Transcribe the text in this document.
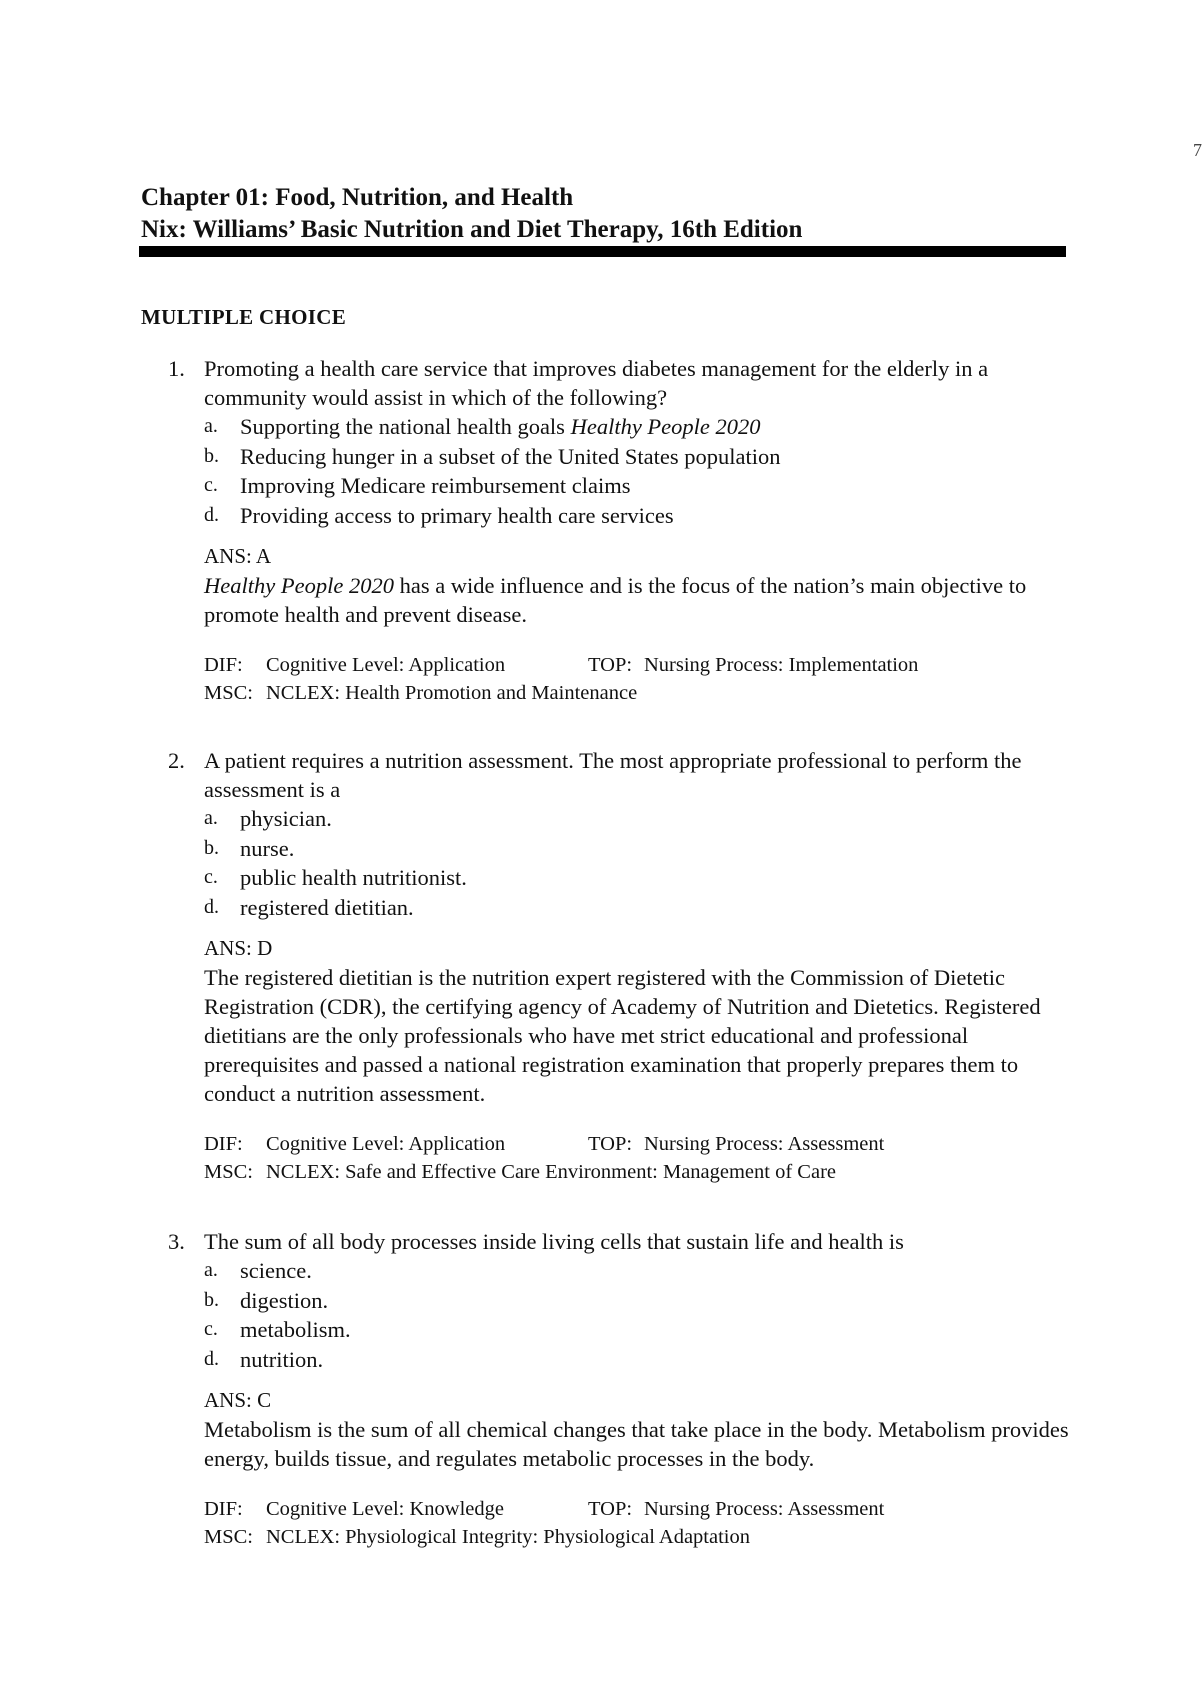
7
Chapter 01: Food, Nutrition, and Health
Nix: Williams’ Basic Nutrition and Diet Therapy, 16th Edition
MULTIPLE CHOICE
1. Promoting a health care service that improves diabetes management for the elderly in a community would assist in which of the following?
a. Supporting the national health goals Healthy People 2020
b. Reducing hunger in a subset of the United States population
c. Improving Medicare reimbursement claims
d. Providing access to primary health care services
ANS: A
Healthy People 2020 has a wide influence and is the focus of the nation’s main objective to promote health and prevent disease.
DIF: Cognitive Level: Application	TOP: Nursing Process: Implementation
MSC: NCLEX: Health Promotion and Maintenance
2. A patient requires a nutrition assessment. The most appropriate professional to perform the assessment is a
a. physician.
b. nurse.
c. public health nutritionist.
d. registered dietitian.
ANS: D
The registered dietitian is the nutrition expert registered with the Commission of Dietetic Registration (CDR), the certifying agency of Academy of Nutrition and Dietetics. Registered dietitians are the only professionals who have met strict educational and professional prerequisites and passed a national registration examination that properly prepares them to conduct a nutrition assessment.
DIF: Cognitive Level: Application	TOP: Nursing Process: Assessment
MSC: NCLEX: Safe and Effective Care Environment: Management of Care
3. The sum of all body processes inside living cells that sustain life and health is
a. science.
b. digestion.
c. metabolism.
d. nutrition.
ANS: C
Metabolism is the sum of all chemical changes that take place in the body. Metabolism provides energy, builds tissue, and regulates metabolic processes in the body.
DIF: Cognitive Level: Knowledge	TOP: Nursing Process: Assessment
MSC: NCLEX: Physiological Integrity: Physiological Adaptation
